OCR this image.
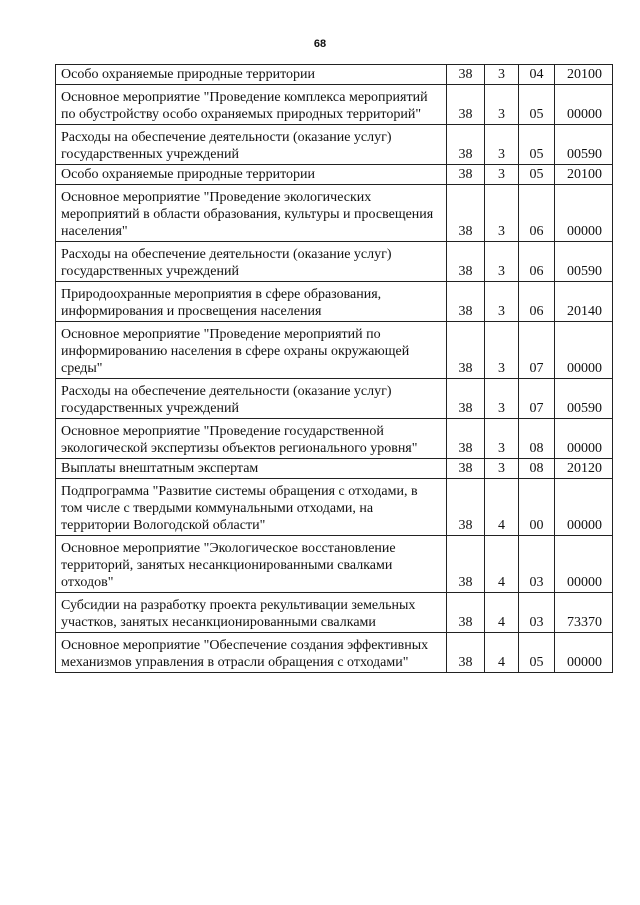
68
Особо охраняемые природные территории	38	3	04	20100
Основное мероприятие "Проведение комплекса мероприятий по обустройству особо охраняемых природных территорий"	38	3	05	00000
Расходы на обеспечение деятельности (оказание услуг) государственных учреждений	38	3	05	00590
Особо охраняемые природные территории	38	3	05	20100
Основное мероприятие "Проведение экологических мероприятий в области образования, культуры и просвещения населения"	38	3	06	00000
Расходы на обеспечение деятельности (оказание услуг) государственных учреждений	38	3	06	00590
Природоохранные мероприятия в сфере образования, информирования и просвещения населения	38	3	06	20140
Основное мероприятие "Проведение мероприятий по информированию населения в сфере охраны окружающей среды"	38	3	07	00000
Расходы на обеспечение деятельности (оказание услуг) государственных учреждений	38	3	07	00590
Основное мероприятие "Проведение государственной экологической экспертизы объектов регионального уровня"	38	3	08	00000
Выплаты внештатным экспертам	38	3	08	20120
Подпрограмма "Развитие системы обращения с отходами, в том числе с твердыми коммунальными отходами, на территории Вологодской области"	38	4	00	00000
Основное мероприятие "Экологическое восстановление территорий, занятых несанкционированными свалками отходов"	38	4	03	00000
Субсидии на разработку проекта рекультивации земельных участков, занятых несанкционированными свалками	38	4	03	73370
Основное мероприятие "Обеспечение создания эффективных механизмов управления в отрасли обращения с отходами"	38	4	05	00000
